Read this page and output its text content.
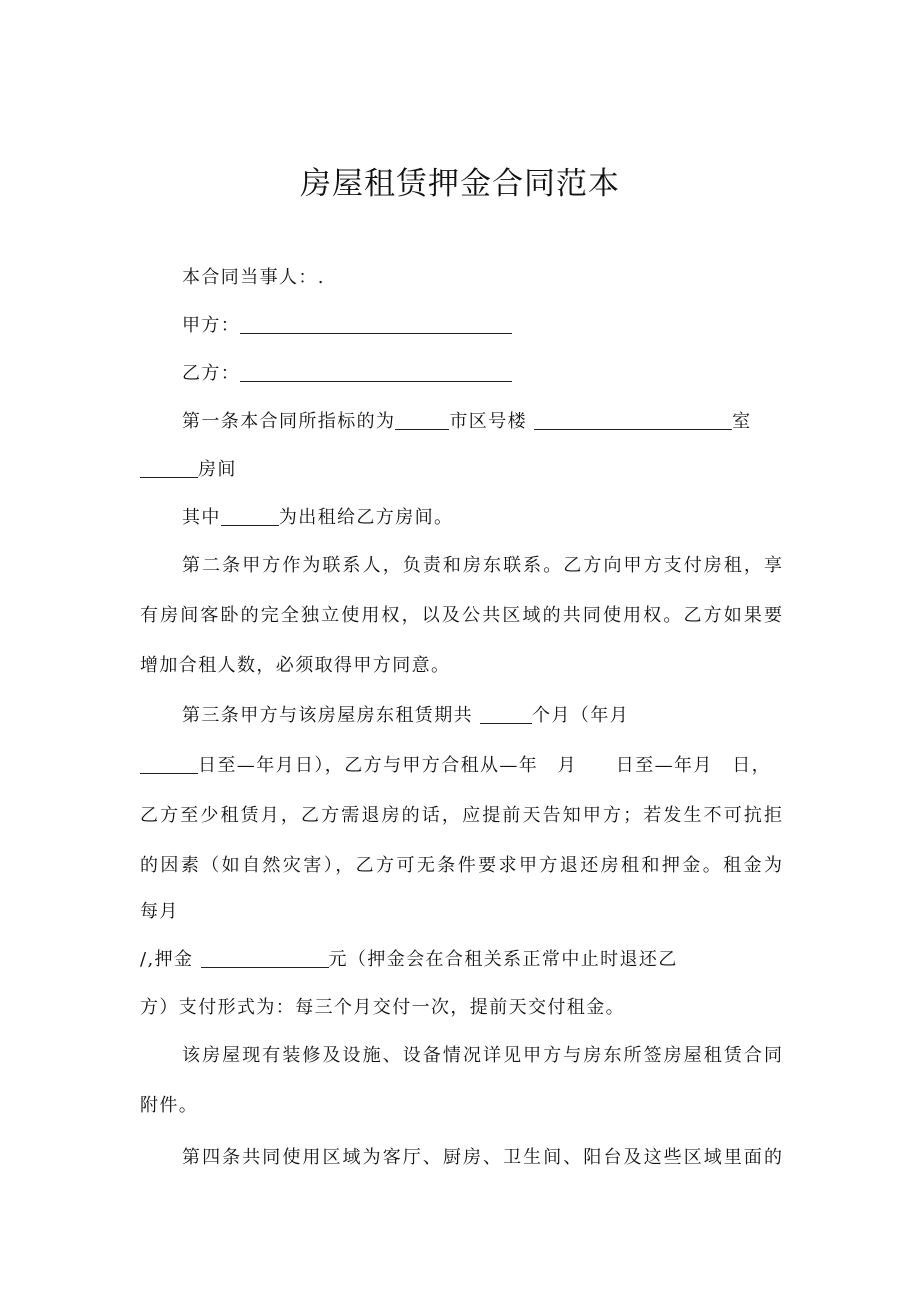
房屋租赁押金合同范本
本合同当事人：.
甲方：
乙方：
第一条本合同所指标的为	市区号楼	室
房间
其中	为出租给乙方房间。
第二条甲方作为联系人，负责和房东联系。乙方向甲方支付房租，享
有房间客卧的完全独立使用权，以及公共区域的共同使用权。乙方如果要
增加合租人数，必须取得甲方同意。
第三条甲方与该房屋房东租赁期共	个月（年月
日至—年月日），乙方与甲方合租从—年　月　　日至—年月　日，
乙方至少租赁月，乙方需退房的话，应提前天告知甲方；若发生不可抗拒
的因素（如自然灾害），乙方可无条件要求甲方退还房租和押金。租金为
每月
/,押金	元（押金会在合租关系正常中止时退还乙
方）支付形式为：每三个月交付一次，提前天交付租金。
该房屋现有装修及设施、设备情况详见甲方与房东所签房屋租赁合同
附件。
第四条共同使用区域为客厅、厨房、卫生间、阳台及这些区域里面的
